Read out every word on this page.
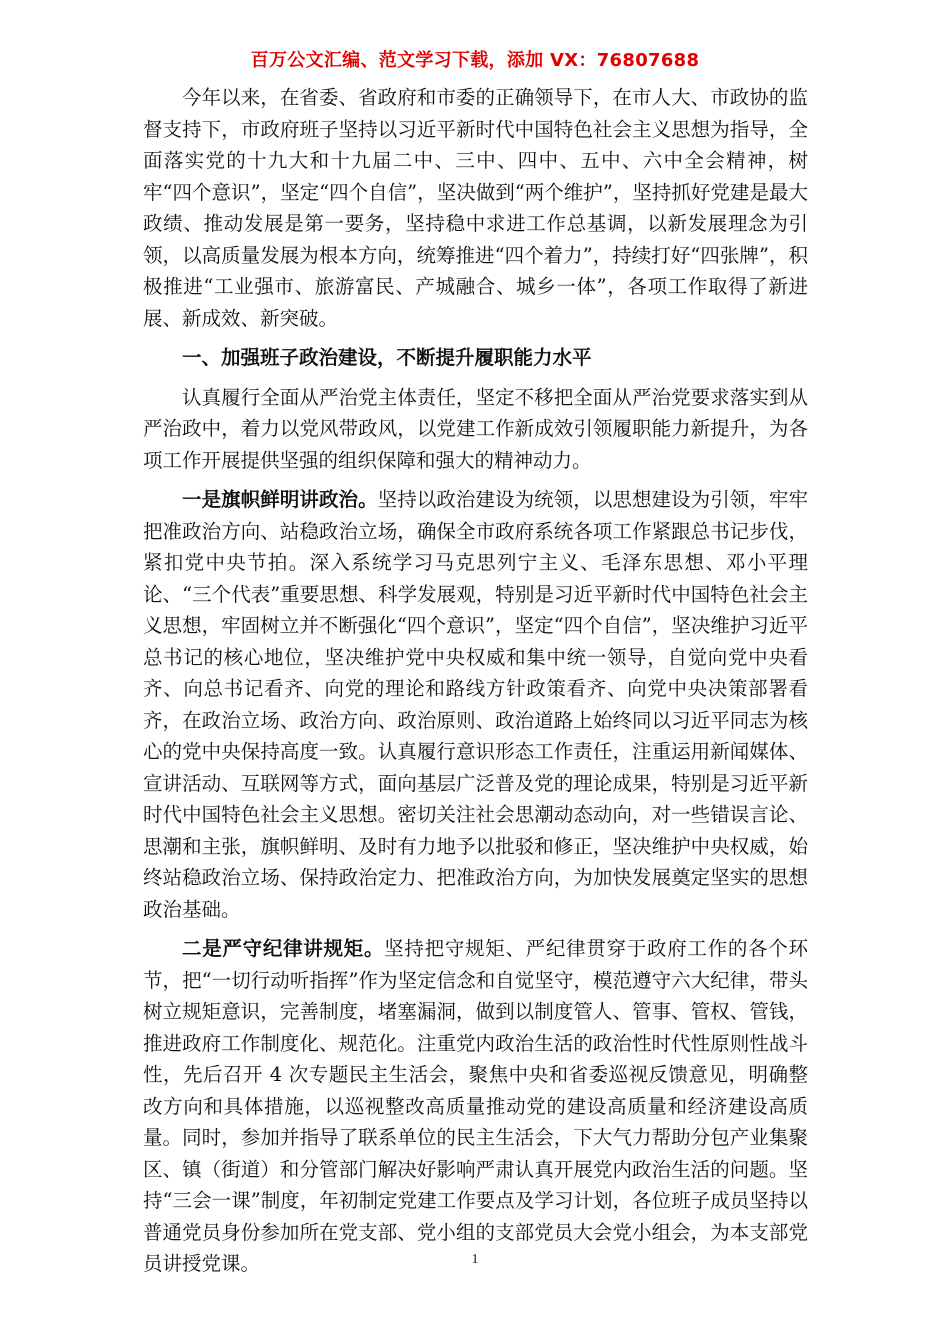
百万公文汇编、范文学习下载，添加 VX：76807688

今年以来，在省委、省政府和市委的正确领导下，在市人大、市政协的监督支持下，市政府班子坚持以习近平新时代中国特色社会主义思想为指导，全面落实党的十九大和十九届二中、三中、四中、五中、六中全会精神，树牢“四个意识”，坚定“四个自信”，坚决做到“两个维护”，坚持抓好党建是最大政绩、推动发展是第一要务，坚持稳中求进工作总基调，以新发展理念为引领，以高质量发展为根本方向，统筹推进“四个着力”，持续打好“四张牌”，积极推进“工业强市、旅游富民、产城融合、城乡一体”，各项工作取得了新进展、新成效、新突破。

一、加强班子政治建设，不断提升履职能力水平

认真履行全面从严治党主体责任，坚定不移把全面从严治党要求落实到从严治政中，着力以党风带政风，以党建工作新成效引领履职能力新提升，为各项工作开展提供坚强的组织保障和强大的精神动力。

一是旗帜鲜明讲政治。坚持以政治建设为统领，以思想建设为引领，牢牢把准政治方向、站稳政治立场，确保全市政府系统各项工作紧跟总书记步伐，紧扣党中央节拍。深入系统学习马克思列宁主义、毛泽东思想、邓小平理论、“三个代表”重要思想、科学发展观，特别是习近平新时代中国特色社会主义思想，牢固树立并不断强化“四个意识”，坚定“四个自信”，坚决维护习近平总书记的核心地位，坚决维护党中央权威和集中统一领导，自觉向党中央看齐、向总书记看齐、向党的理论和路线方针政策看齐、向党中央决策部署看齐，在政治立场、政治方向、政治原则、政治道路上始终同以习近平同志为核心的党中央保持高度一致。认真履行意识形态工作责任，注重运用新闻媒体、宣讲活动、互联网等方式，面向基层广泛普及党的理论成果，特别是习近平新时代中国特色社会主义思想。密切关注社会思潮动态动向，对一些错误言论、思潮和主张，旗帜鲜明、及时有力地予以批驳和修正，坚决维护中央权威，始终站稳政治立场、保持政治定力、把准政治方向，为加快发展奠定坚实的思想政治基础。

二是严守纪律讲规矩。坚持把守规矩、严纪律贯穿于政府工作的各个环节，把“一切行动听指挥”作为坚定信念和自觉坚守，模范遵守六大纪律，带头树立规矩意识，完善制度，堵塞漏洞，做到以制度管人、管事、管权、管钱，推进政府工作制度化、规范化。注重党内政治生活的政治性时代性原则性战斗性，先后召开 4 次专题民主生活会，聚焦中央和省委巡视反馈意见，明确整改方向和具体措施，以巡视整改高质量推动党的建设高质量和经济建设高质量。同时，参加并指导了联系单位的民主生活会，下大气力帮助分包产业集聚区、镇（街道）和分管部门解决好影响严肃认真开展党内政治生活的问题。坚持“三会一课”制度，年初制定党建工作要点及学习计划，各位班子成员坚持以普通党员身份参加所在党支部、党小组的支部党员大会党小组会，为本支部党员讲授党课。	1
